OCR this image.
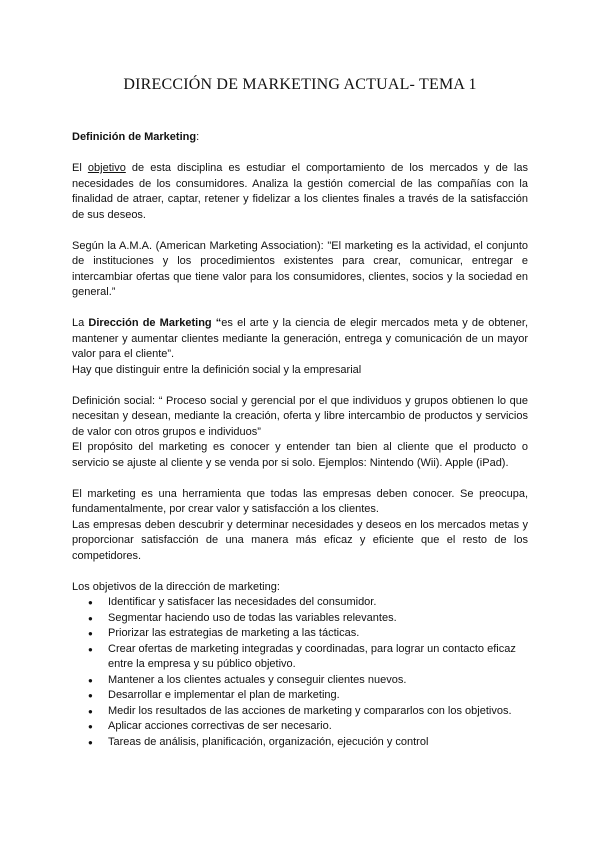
DIRECCIÓN DE MARKETING ACTUAL- TEMA 1

Definición de Marketing:

El objetivo de esta disciplina es estudiar el comportamiento de los mercados y de las necesidades de los consumidores. Analiza la gestión comercial de las compañías con la finalidad de atraer, captar, retener y fidelizar a los clientes finales a través de la satisfacción de sus deseos.

Según la A.M.A. (American Marketing Association): "El marketing es la actividad, el conjunto de instituciones y los procedimientos existentes para crear, comunicar, entregar e intercambiar ofertas que tiene valor para los consumidores, clientes, socios y la sociedad en general.”

La Dirección de Marketing “es el arte y la ciencia de elegir mercados meta y de obtener, mantener y aumentar clientes mediante la generación, entrega y comunicación de un mayor valor para el cliente”.

Hay que distinguir entre la definición social y la empresarial

Definición social: “ Proceso social y gerencial por el que individuos y grupos obtienen lo que necesitan y desean, mediante la creación, oferta y libre intercambio de productos y servicios de valor con otros grupos e individuos”

El propósito del marketing es conocer y entender tan bien al cliente que el producto o servicio se ajuste al cliente y se venda por si solo. Ejemplos: Nintendo (Wii). Apple (iPad).

El marketing es una herramienta que todas las empresas deben conocer. Se preocupa, fundamentalmente, por crear valor y satisfacción a los clientes.

Las empresas deben descubrir y determinar necesidades y deseos en los mercados metas y proporcionar satisfacción de una manera más eficaz y eficiente que el resto de los competidores.

Los objetivos de la dirección de marketing:

● Identificar y satisfacer las necesidades del consumidor.
● Segmentar haciendo uso de todas las variables relevantes.
● Priorizar las estrategias de marketing a las tácticas.
● Crear ofertas de marketing integradas y coordinadas, para lograr un contacto eficaz entre la empresa y su público objetivo.
● Mantener a los clientes actuales y conseguir clientes nuevos.
● Desarrollar e implementar el plan de marketing.
● Medir los resultados de las acciones de marketing y compararlos con los objetivos.
● Aplicar acciones correctivas de ser necesario.
● Tareas de análisis, planificación, organización, ejecución y control
